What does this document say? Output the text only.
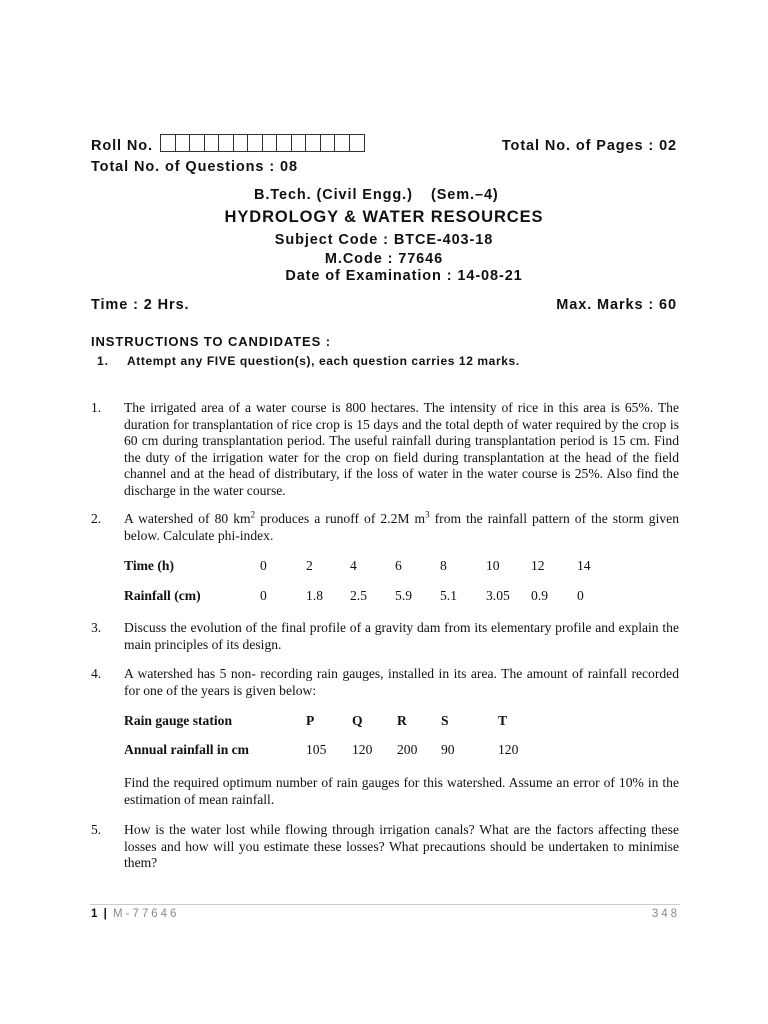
Roll No.	Total No. of Pages : 02
Total No. of Questions : 08
B.Tech. (Civil Engg.) (Sem.–4)
HYDROLOGY & WATER RESOURCES
Subject Code : BTCE-403-18
M.Code : 77646
Date of Examination : 14-08-21
Time : 2 Hrs.	Max. Marks : 60
INSTRUCTIONS TO CANDIDATES :
1. Attempt any FIVE question(s), each question carries 12 marks.
1. The irrigated area of a water course is 800 hectares. The intensity of rice in this area is 65%. The duration for transplantation of rice crop is 15 days and the total depth of water required by the crop is 60 cm during transplantation period. The useful rainfall during transplantation period is 15 cm. Find the duty of the irrigation water for the crop on field during transplantation at the head of the field channel and at the head of distributary, if the loss of water in the water course is 25%. Also find the discharge in the water course.
2. A watershed of 80 $km^2$ produces a runoff of 2.2M $m^3$ from the rainfall pattern of the storm given below. Calculate phi-index.
Time (h)	0	2	4	6	8	10 12 14
Rainfall (cm)	0	1.8 2.5 5.9 5.1 3.05 0.9 0
3. Discuss the evolution of the final profile of a gravity dam from its elementary profile and explain the main principles of its design.
4. A watershed has 5 non- recording rain gauges, installed in its area. The amount of rainfall recorded for one of the years is given below:
Rain gauge station	P	Q	R	S	T
Annual rainfall in cm	105 120 200 90	120
Find the required optimum number of rain gauges for this watershed. Assume an error of 10% in the estimation of mean rainfall.
5. How is the water lost while flowing through irrigation canals? What are the factors affecting these losses and how will you estimate these losses? What precautions should be undertaken to minimise them?
1 | M-77646	348
